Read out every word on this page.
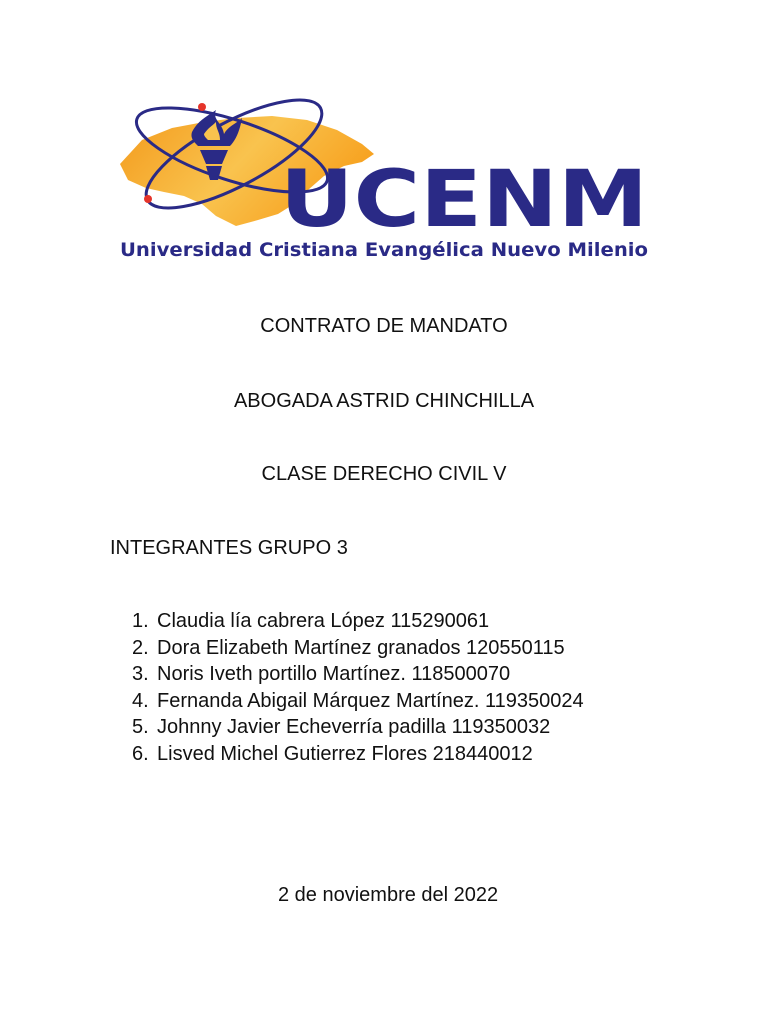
UCENM
Universidad Cristiana Evangélica Nuevo Milenio
CONTRATO DE MANDATO
ABOGADA ASTRID CHINCHILLA
CLASE DERECHO CIVIL V
INTEGRANTES GRUPO 3
1. Claudia lía cabrera López 115290061
2. Dora Elizabeth Martínez granados 120550115
3. Noris Iveth portillo Martínez. 118500070
4. Fernanda Abigail Márquez Martínez. 119350024
5. Johnny Javier Echeverría padilla 119350032
6. Lisved Michel Gutierrez Flores 218440012
2 de noviembre del 2022
